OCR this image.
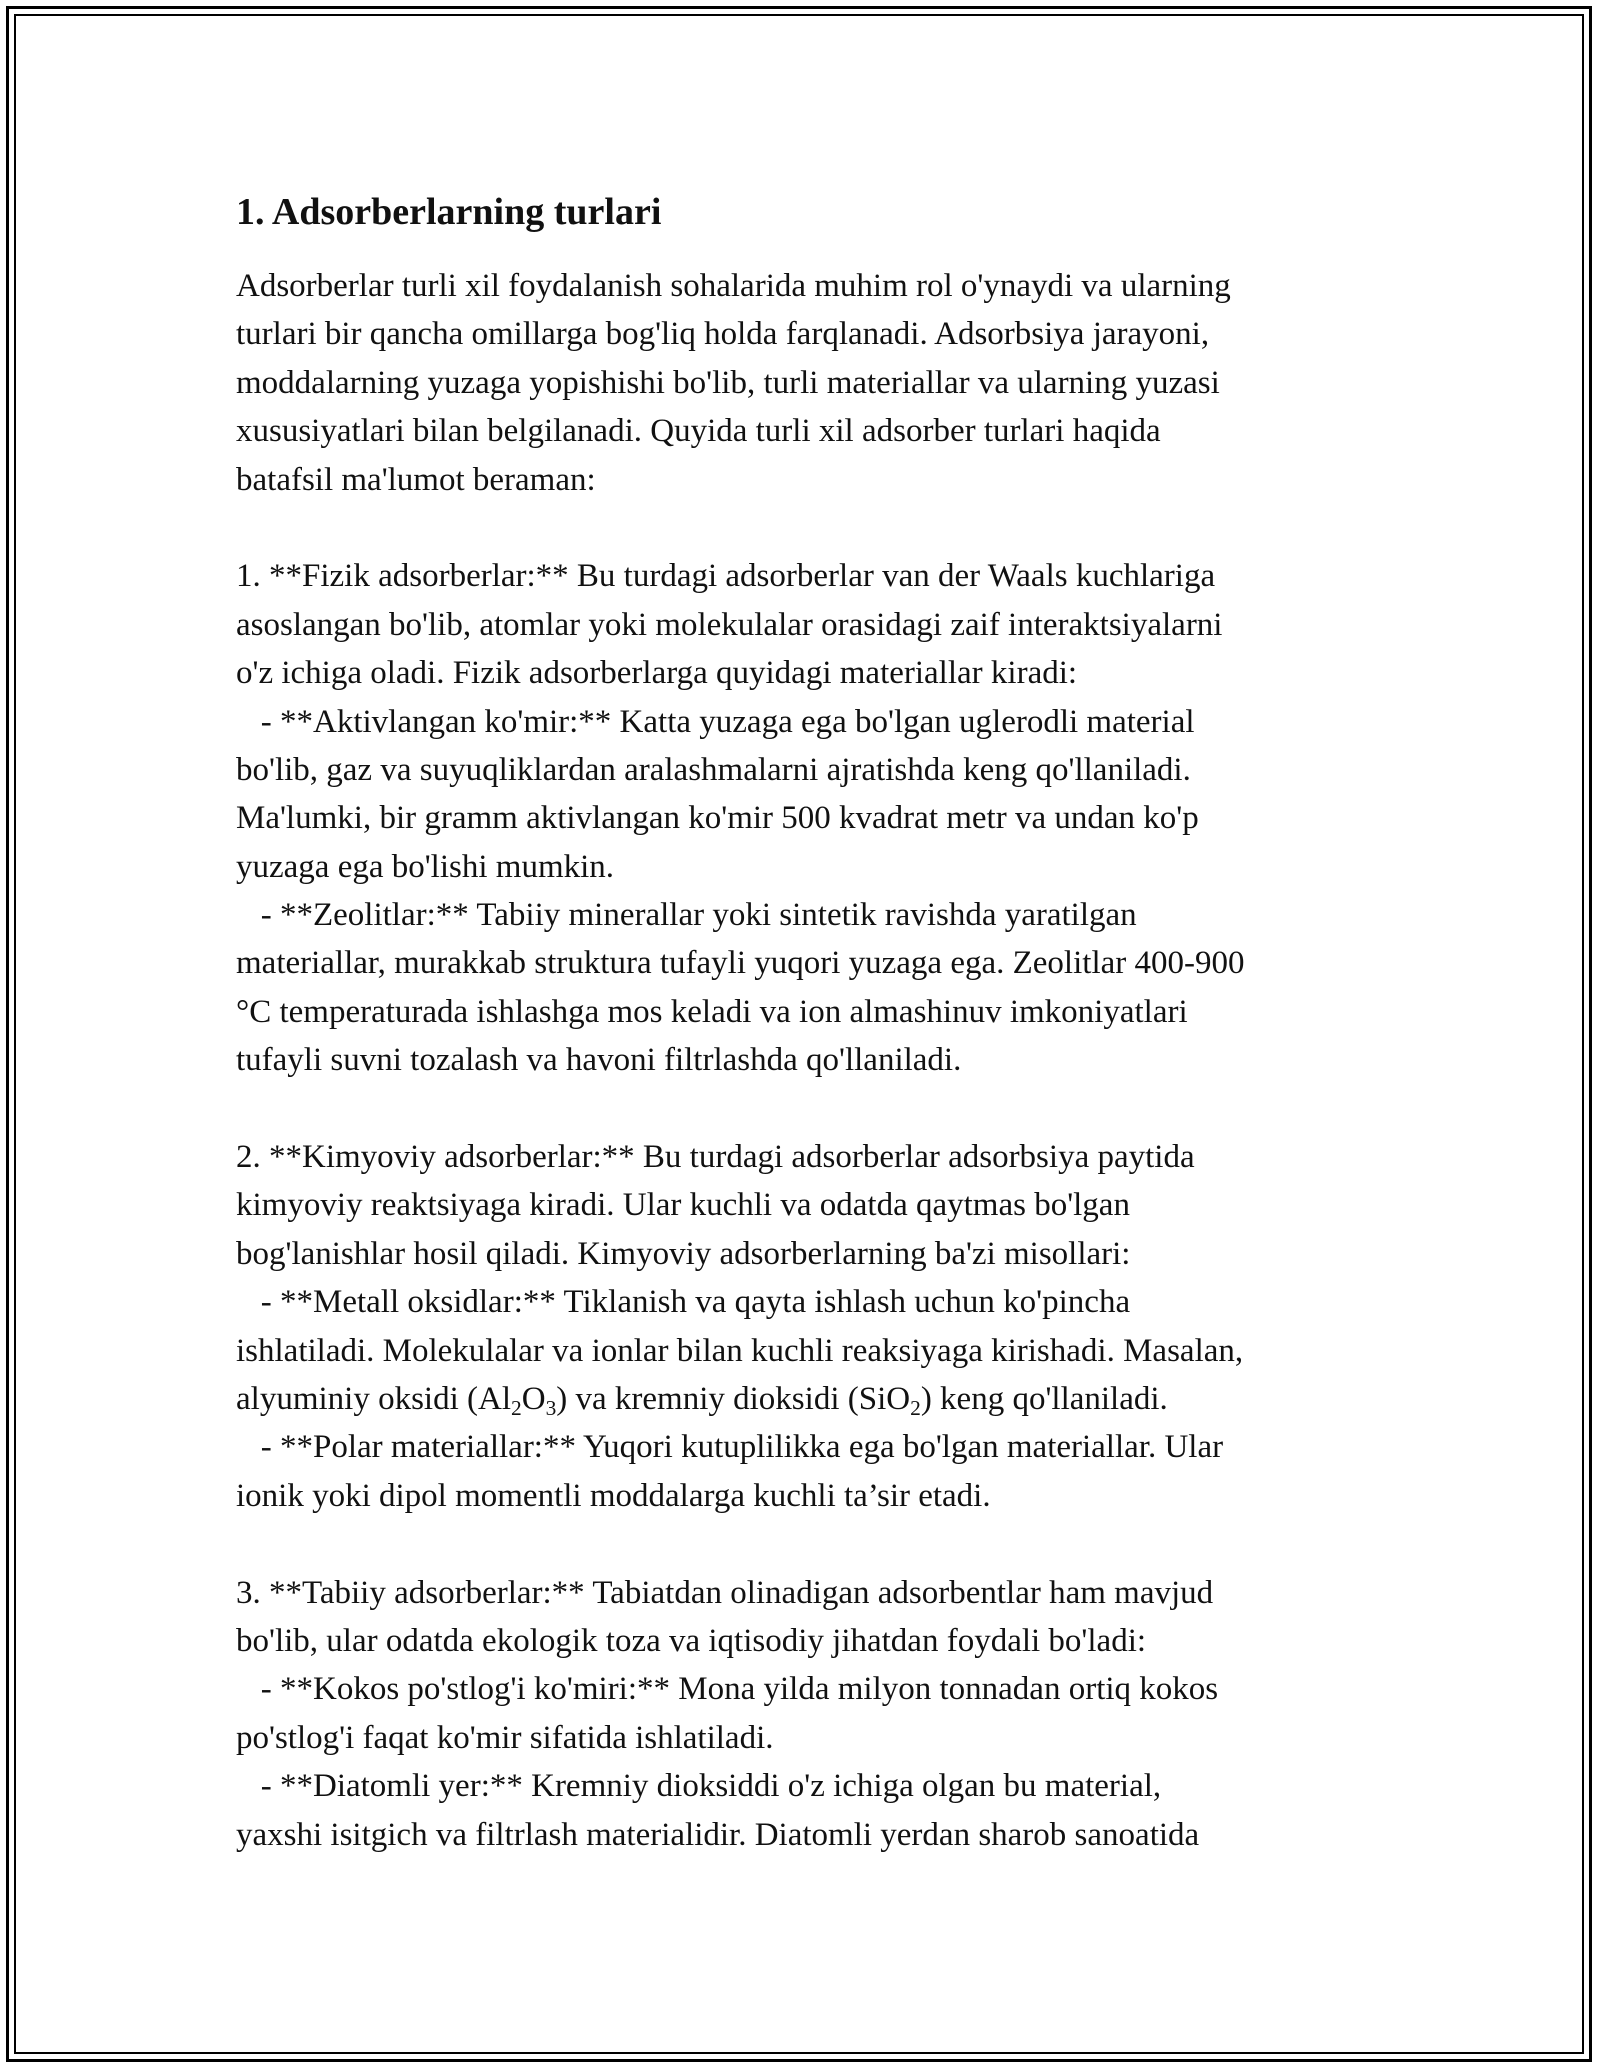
1. Adsorberlarning turlari
Adsorberlar turli xil foydalanish sohalarida muhim rol o'ynaydi va ularning
turlari bir qancha omillarga bog'liq holda farqlanadi. Adsorbsiya jarayoni,
moddalarning yuzaga yopishishi bo'lib, turli materiallar va ularning yuzasi
xususiyatlari bilan belgilanadi. Quyida turli xil adsorber turlari haqida
batafsil ma'lumot beraman:
1. **Fizik adsorberlar:** Bu turdagi adsorberlar van der Waals kuchlariga
asoslangan bo'lib, atomlar yoki molekulalar orasidagi zaif interaktsiyalarni
o'z ichiga oladi. Fizik adsorberlarga quyidagi materiallar kiradi:
- **Aktivlangan ko'mir:** Katta yuzaga ega bo'lgan uglerodli material
bo'lib, gaz va suyuqliklardan aralashmalarni ajratishda keng qo'llaniladi.
Ma'lumki, bir gramm aktivlangan ko'mir 500 kvadrat metr va undan ko'p
yuzaga ega bo'lishi mumkin.
- **Zeolitlar:** Tabiiy minerallar yoki sintetik ravishda yaratilgan
materiallar, murakkab struktura tufayli yuqori yuzaga ega. Zeolitlar 400-900
°C temperaturada ishlashga mos keladi va ion almashinuv imkoniyatlari
tufayli suvni tozalash va havoni filtrlashda qo'llaniladi.
2. **Kimyoviy adsorberlar:** Bu turdagi adsorberlar adsorbsiya paytida
kimyoviy reaktsiyaga kiradi. Ular kuchli va odatda qaytmas bo'lgan
bog'lanishlar hosil qiladi. Kimyoviy adsorberlarning ba'zi misollari:
- **Metall oksidlar:** Tiklanish va qayta ishlash uchun ko'pincha
ishlatiladi. Molekulalar va ionlar bilan kuchli reaksiyaga kirishadi. Masalan,
alyuminiy oksidi $(Al_2O_3)$ va kremniy dioksidi (SiO$_2$) keng qo'llaniladi.
- **Polar materiallar:** Yuqori kutuplilikka ega bo'lgan materiallar. Ular
ionik yoki dipol momentli moddalarga kuchli ta’sir etadi.
3. **Tabiiy adsorberlar:** Tabiatdan olinadigan adsorbentlar ham mavjud
bo'lib, ular odatda ekologik toza va iqtisodiy jihatdan foydali bo'ladi:
- **Kokos po'stlog'i ko'miri:** Mona yilda milyon tonnadan ortiq kokos
po'stlog'i faqat ko'mir sifatida ishlatiladi.
- **Diatomli yer:** Kremniy dioksiddi o'z ichiga olgan bu material,
yaxshi isitgich va filtrlash materialidir. Diatomli yerdan sharob sanoatida
